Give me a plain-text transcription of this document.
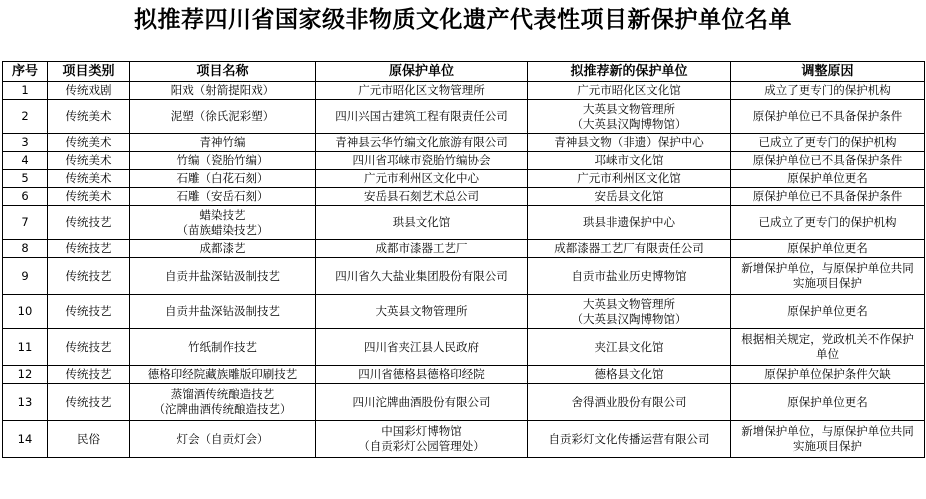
拟推荐四川省国家级非物质文化遗产代表性项目新保护单位名单
序号	项目类别	项目名称	原保护单位	拟推荐新的保护单位	调整原因
1	传统戏剧	阳戏（射箭提阳戏）	广元市昭化区文物管理所	广元市昭化区文化馆	成立了更专门的保护机构

2	传统美术	泥塑（徐氏泥彩塑）	四川兴国古建筑工程有限责任公司	大英县文物管理所
（大英县汉陶博物馆）	原保护单位已不具备保护条件

3	传统美术	青神竹编	青神县云华竹编文化旅游有限公司	青神县文物（非遗）保护中心	已成立了更专门的保护机构

4	传统美术	竹编（瓷胎竹编）	四川省邛崃市瓷胎竹编协会	邛崃市文化馆	原保护单位已不具备保护条件

5	传统美术	石雕（白花石刻）	广元市利州区文化中心	广元市利州区文化馆	原保护单位更名

6	传统美术	石雕（安岳石刻）	安岳县石刻艺术总公司	安岳县文化馆	原保护单位已不具备保护条件

7	传统技艺	蜡染技艺
（苗族蜡染技艺）	珙县文化馆	珙县非遗保护中心	已成立了更专门的保护机构

8	传统技艺	成都漆艺	成都市漆器工艺厂	成都漆器工艺厂有限责任公司	原保护单位更名

9	传统技艺	自贡井盐深钻汲制技艺	四川省久大盐业集团股份有限公司	自贡市盐业历史博物馆	新增保护单位，与原保护单位共同
实施项目保护

10	传统技艺	自贡井盐深钻汲制技艺	大英县文物管理所	大英县文物管理所
（大英县汉陶博物馆）	原保护单位更名

11	传统技艺	竹纸制作技艺	四川省夹江县人民政府	夹江县文化馆	根据相关规定，党政机关不作保护
单位

12	传统技艺	德格印经院藏族雕版印刷技艺	四川省德格县德格印经院	德格县文化馆	原保护单位保护条件欠缺

13	传统技艺	蒸馏酒传统酿造技艺
（沱牌曲酒传统酿造技艺）	四川沱牌曲酒股份有限公司	舍得酒业股份有限公司	原保护单位更名

14	民俗	灯会（自贡灯会）	中国彩灯博物馆
（自贡彩灯公园管理处）	自贡彩灯文化传播运营有限公司	新增保护单位，与原保护单位共同
实施项目保护
